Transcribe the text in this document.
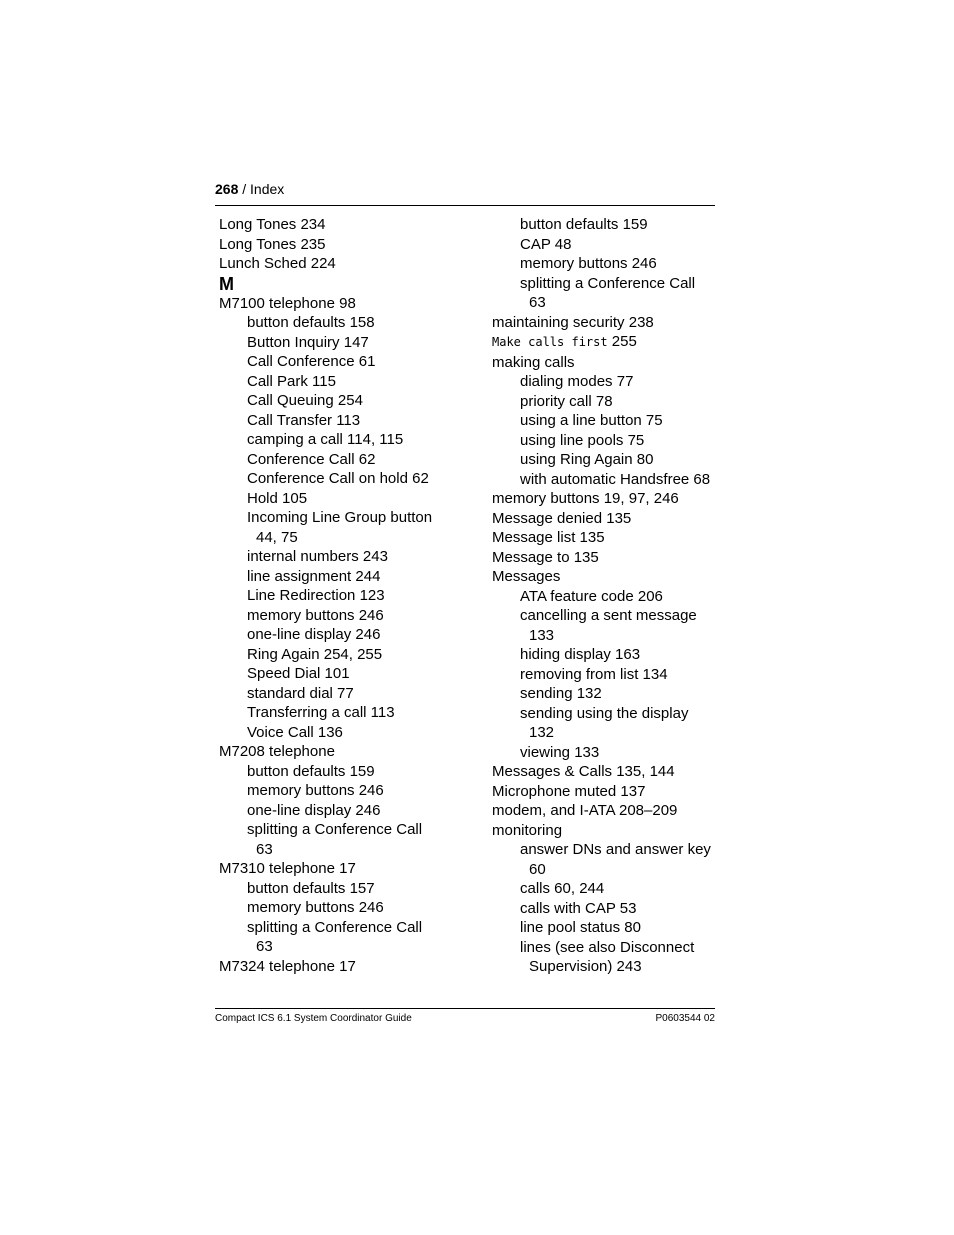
268 / Index
Long Tones 234
Long Tones 235
Lunch Sched 224
M
M7100 telephone 98
button defaults 158
Button Inquiry 147
Call Conference 61
Call Park 115
Call Queuing 254
Call Transfer 113
camping a call 114, 115
Conference Call 62
Conference Call on hold 62
Hold 105
Incoming Line Group button
44, 75
internal numbers 243
line assignment 244
Line Redirection 123
memory buttons 246
one-line display 246
Ring Again 254, 255
Speed Dial 101
standard dial 77
Transferring a call 113
Voice Call 136
M7208 telephone
button defaults 159
memory buttons 246
one-line display 246
splitting a Conference Call
63
M7310 telephone 17
button defaults 157
memory buttons 246
splitting a Conference Call
63
M7324 telephone 17
button defaults 159
CAP 48
memory buttons 246
splitting a Conference Call
63
maintaining security 238
Make calls first 255
making calls
dialing modes 77
priority call 78
using a line button 75
using line pools 75
using Ring Again 80
with automatic Handsfree 68
memory buttons 19, 97, 246
Message denied 135
Message list 135
Message to 135
Messages
ATA feature code 206
cancelling a sent message
133
hiding display 163
removing from list 134
sending 132
sending using the display
132
viewing 133
Messages & Calls 135, 144
Microphone muted 137
modem, and I-ATA 208–209
monitoring
answer DNs and answer key
60
calls 60, 244
calls with CAP 53
line pool status 80
lines (see also Disconnect
Supervision) 243
Compact ICS 6.1 System Coordinator Guide	P0603544 02
